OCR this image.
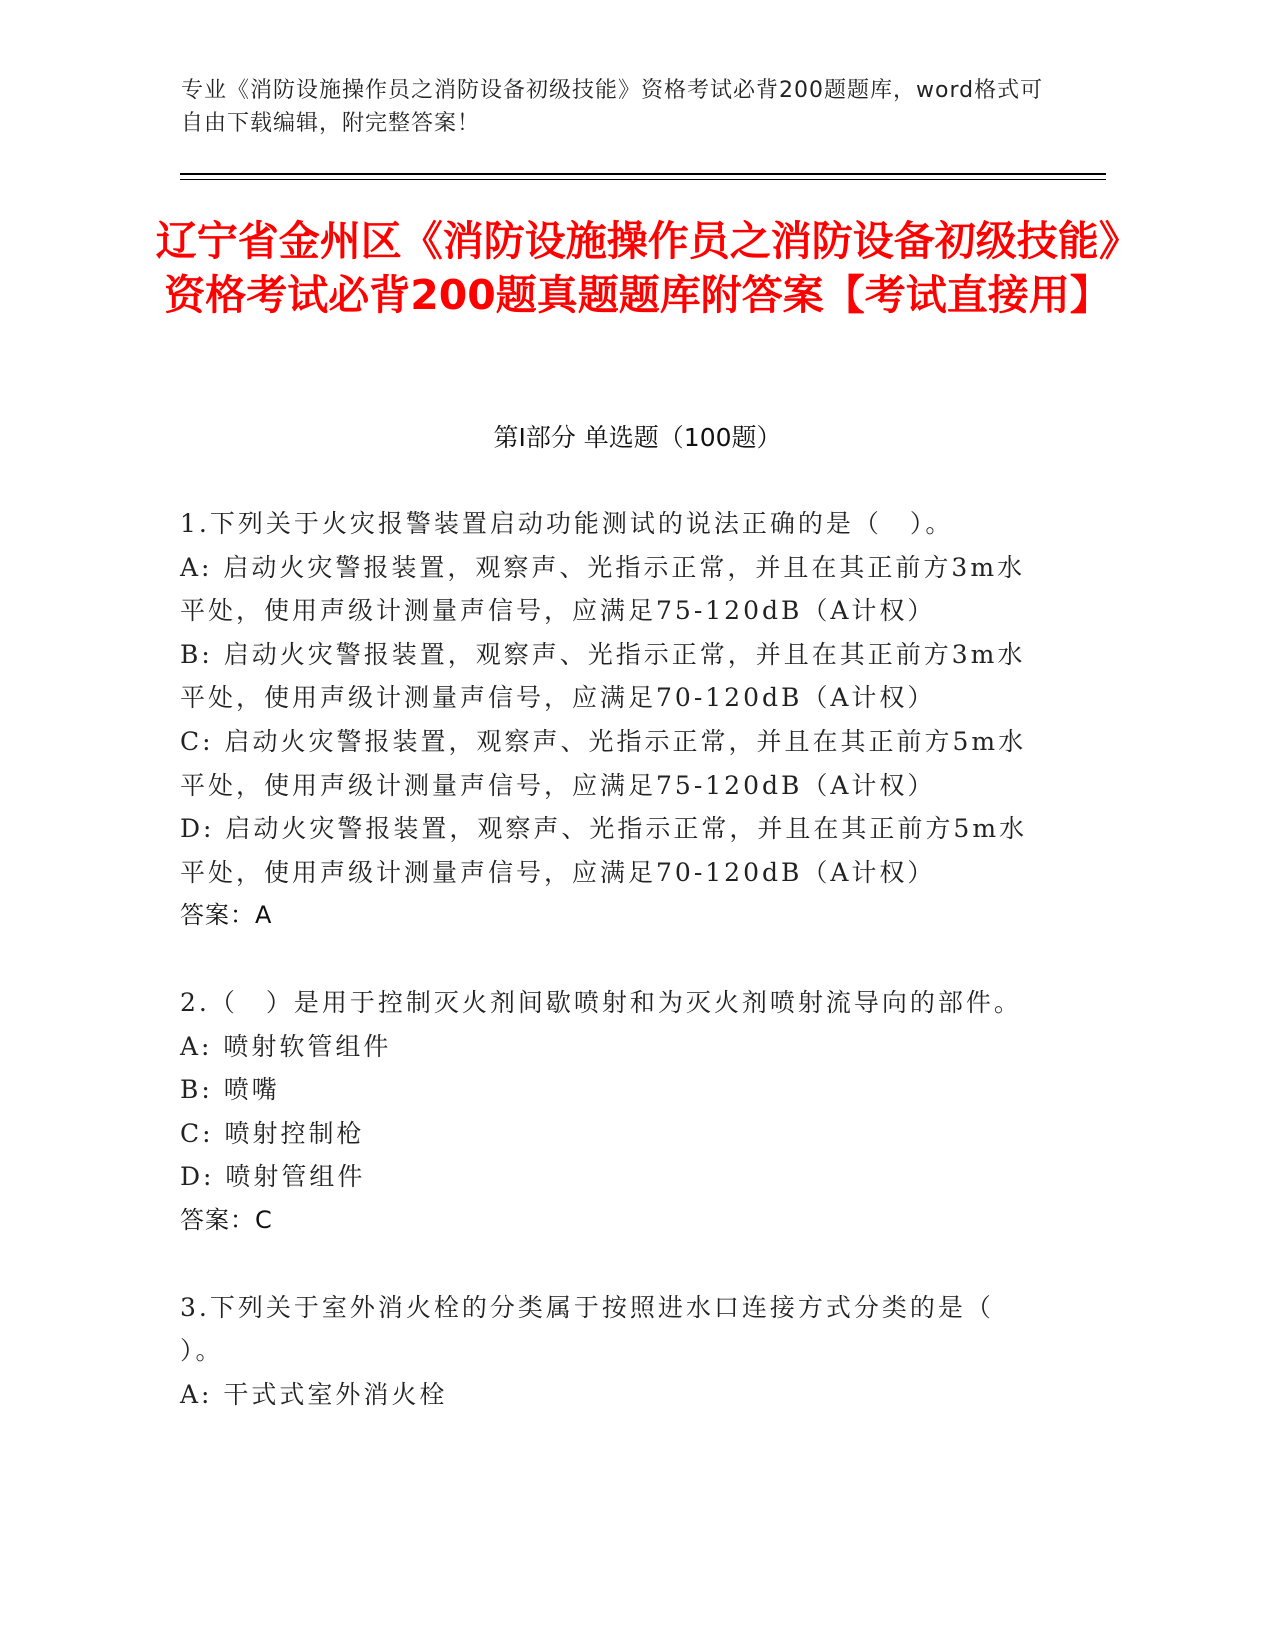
专业《消防设施操作员之消防设备初级技能》资格考试必背200题题库，word格式可自由下载编辑，附完整答案！
辽宁省金州区《消防设施操作员之消防设备初级技能》资格考试必背200题真题题库附答案【考试直接用】
第I部分 单选题（100题）
1.下列关于火灾报警装置启动功能测试的说法正确的是（　）。
A: 启动火灾警报装置，观察声、光指示正常，并且在其正前方3m水
平处，使用声级计测量声信号，应满足75-120dB（A计权）
B: 启动火灾警报装置，观察声、光指示正常，并且在其正前方3m水
平处，使用声级计测量声信号，应满足70-120dB（A计权）
C: 启动火灾警报装置，观察声、光指示正常，并且在其正前方5m水
平处，使用声级计测量声信号，应满足75-120dB（A计权）
D: 启动火灾警报装置，观察声、光指示正常，并且在其正前方5m水
平处，使用声级计测量声信号，应满足70-120dB（A计权）
答案：A
2.（　）是用于控制灭火剂间歇喷射和为灭火剂喷射流导向的部件。
A: 喷射软管组件
B: 喷嘴
C: 喷射控制枪
D: 喷射管组件
答案：C
3.下列关于室外消火栓的分类属于按照进水口连接方式分类的是（
）。
A: 干式式室外消火栓
